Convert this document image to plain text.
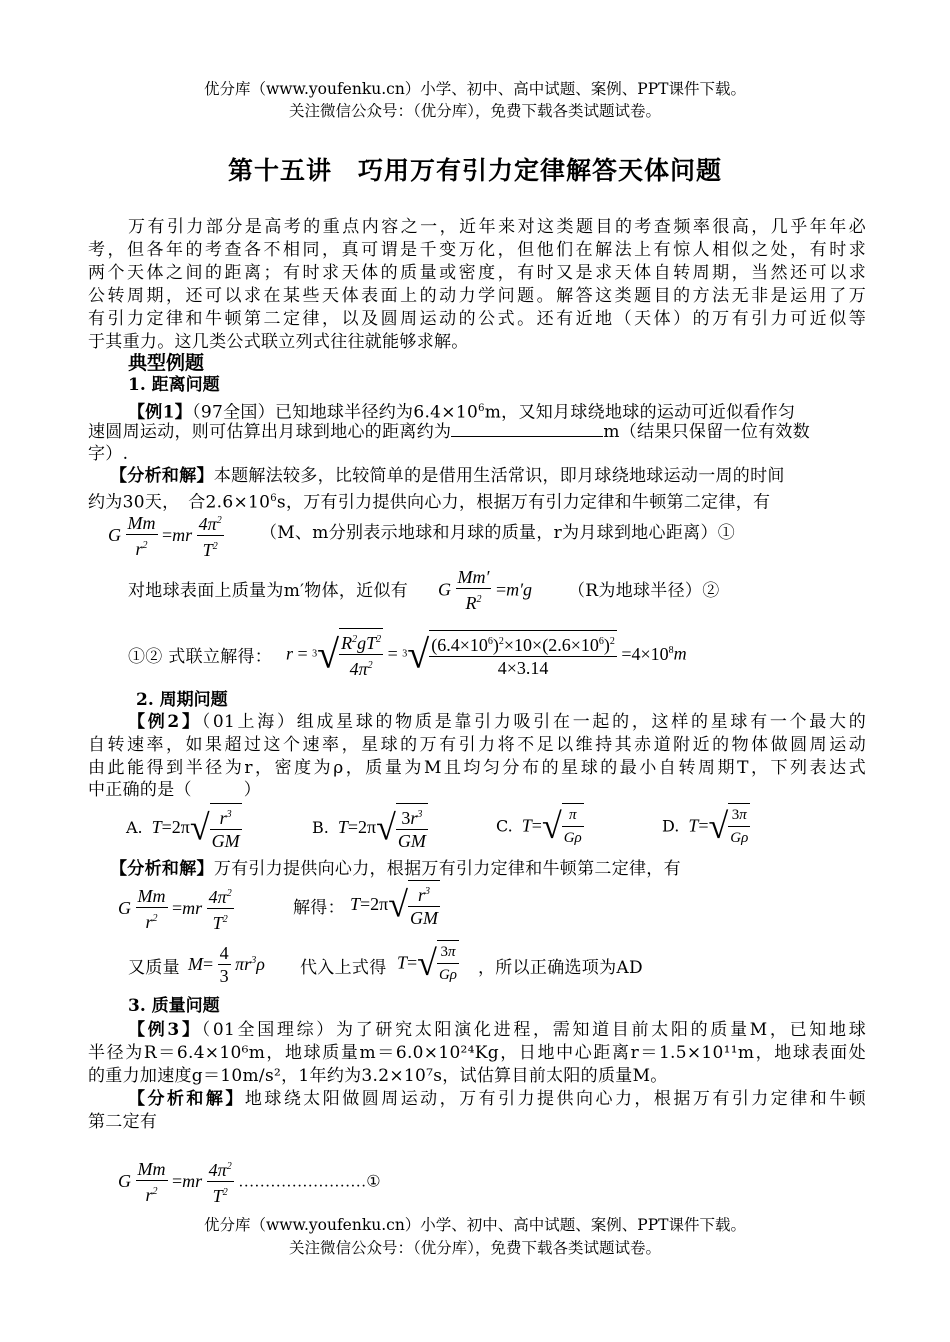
优分库（www.youfenku.cn）小学、初中、高中试题、案例、PPT课件下载。
关注微信公众号：（优分库），免费下载各类试题试卷。
第十五讲　巧用万有引力定律解答天体问题
万有引力部分是高考的重点内容之一，近年来对这类题目的考查频率很高，几乎年年必
考，但各年的考查各不相同，真可谓是千变万化，但他们在解法上有惊人相似之处，有时求
两个天体之间的距离；有时求天体的质量或密度，有时又是求天体自转周期，当然还可以求
公转周期，还可以求在某些天体表面上的动力学问题。解答这类题目的方法无非是运用了万
有引力定律和牛顿第二定律，以及圆周运动的公式。还有近地（天体）的万有引力可近似等
于其重力。这几类公式联立列式往往就能够求解。
典型例题
1. 距离问题
【例1】（97全国）已知地球半径约为$6.4\times 10^6m$，又知月球绕地球的运动可近似看作匀
速圆周运动，则可估算出月球到地心的距离约为	m（结果只保留一位有效数
字）.
【分析和解】本题解法较多，比较简单的是借用生活常识，即月球绕地球运动一周的时间
约为30天，　合$2.6\times 10^6s$，万有引力提供向心力，根据万有引力定律和牛顿第二定律，有
G $\frac{Mm}{r^2} =mr \frac{4\pi^2}{T^2} (M$、m分别表示地球和月球的质量，r为月球到地心距离）①
对地球表面上质量为m′物体，近似有 G $\frac{Mm'}{R^2} =m'g$ （R为地球半径）②
①② 式联立解得： $r = 3√ \frac{R^2gT^2}{4\pi^2} = 3√ \frac{(6.4\times 10^6)^2\times 10\times(2.6\times 10^6)^2}{4\times 3.14} =4\times 10^8m$
2. 周期问题
【例2】（01上海）组成星球的物质是靠引力吸引在一起的，这样的星球有一个最大的
自转速率，如果超过这个速率，星球的万有引力将不足以维持其赤道附近的物体做圆周运动
由此能得到半径为r，密度为ρ，质量为M且均匀分布的星球的最小自转周期T，下列表达式
中正确的是（　　　）
A.  $T=2\pi√ \frac{r^3}{GM}$	B.  $T=2\pi√ \frac{3r^3}{GM}$	C.  $T=√ \frac{\pi}{G\rho}$	D.  $T=√ \frac{3\pi}{G\rho}$
【分析和解】万有引力提供向心力，根据万有引力定律和牛顿第二定律，有
G $\frac{Mm}{r^2} =mr \frac{4\pi^2}{T^2}$	解得： $T=2\pi√ \frac{r^3}{GM}$
又质量 $M= \frac{4}{3} \pi r^3\rho$ 代入上式得 $T=√ \frac{3\pi}{G\rho}$ ，所以正确选项为AD
3. 质量问题
【例3】（01全国理综）为了研究太阳演化进程，需知道目前太阳的质量M，已知地球
半径为R＝6.4×10⁶m，地球质量m＝6.0×10²⁴Kg，日地中心距离r＝1.5×10¹¹m，地球表面处
的重力加速度g＝10m/s²，1年约为3.2×10⁷s，试估算目前太阳的质量M。
【分析和解】地球绕太阳做圆周运动，万有引力提供向心力，根据万有引力定律和牛顿
第二定有
G $\frac{Mm}{r^2} =mr \frac{4\pi^2}{T^2}$ ……………………①
优分库（www.youfenku.cn）小学、初中、高中试题、案例、PPT课件下载。
关注微信公众号：（优分库），免费下载各类试题试卷。
